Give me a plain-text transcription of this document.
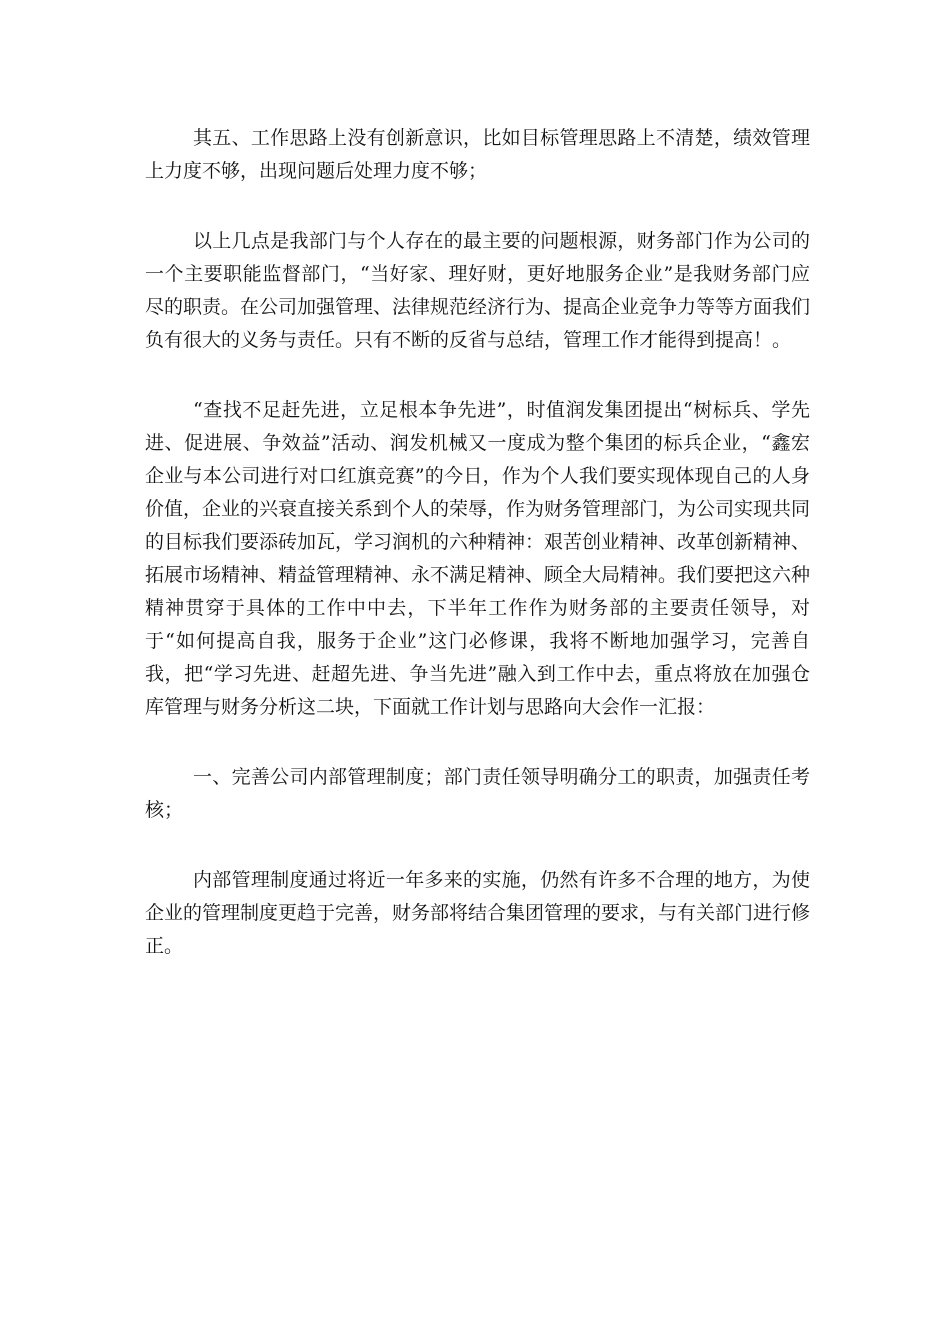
其五、工作思路上没有创新意识，比如目标管理思路上不清楚，绩效管理上力度不够，出现问题后处理力度不够；

以上几点是我部门与个人存在的最主要的问题根源，财务部门作为公司的一个主要职能监督部门，“当好家、理好财，更好地服务企业”是我财务部门应尽的职责。在公司加强管理、法律规范经济行为、提高企业竞争力等等方面我们负有很大的义务与责任。只有不断的反省与总结，管理工作才能得到提高！。

“查找不足赶先进，立足根本争先进”，时值润发集团提出“树标兵、学先进、促进展、争效益”活动、润发机械又一度成为整个集团的标兵企业，“鑫宏企业与本公司进行对口红旗竞赛”的今日，作为个人我们要实现体现自己的人身价值，企业的兴衰直接关系到个人的荣辱，作为财务管理部门，为公司实现共同的目标我们要添砖加瓦，学习润机的六种精神：艰苦创业精神、改革创新精神、拓展市场精神、精益管理精神、永不满足精神、顾全大局精神。我们要把这六种精神贯穿于具体的工作中中去，下半年工作作为财务部的主要责任领导，对于“如何提高自我，服务于企业”这门必修课，我将不断地加强学习，完善自我，把“学习先进、赶超先进、争当先进”融入到工作中去，重点将放在加强仓库管理与财务分析这二块，下面就工作计划与思路向大会作一汇报：

一、完善公司内部管理制度；部门责任领导明确分工的职责，加强责任考核；

内部管理制度通过将近一年多来的实施，仍然有许多不合理的地方，为使企业的管理制度更趋于完善，财务部将结合集团管理的要求，与有关部门进行修正。
